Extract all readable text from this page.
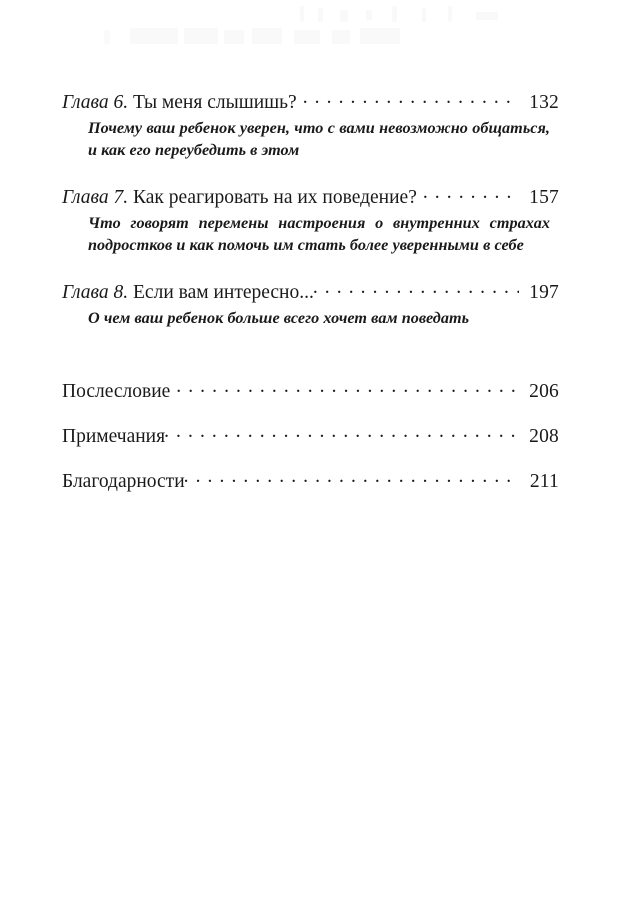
Глава 6. Ты меня слышишь? . . .	132
Почему ваш ребенок уверен, что с вами невозможно общаться, и как его переубедить в этом
Глава 7. Как реагировать на их поведение? . . .	157
Что говорят перемены настроения о внутренних страхах подростков и как помочь им стать более уверенными в себе
Глава 8. Если вам интересно... . . .	197
О чем ваш ребенок больше всего хочет вам поведать
Послесловие . . .	206
Примечания . . .	208
Благодарности . . .	211
